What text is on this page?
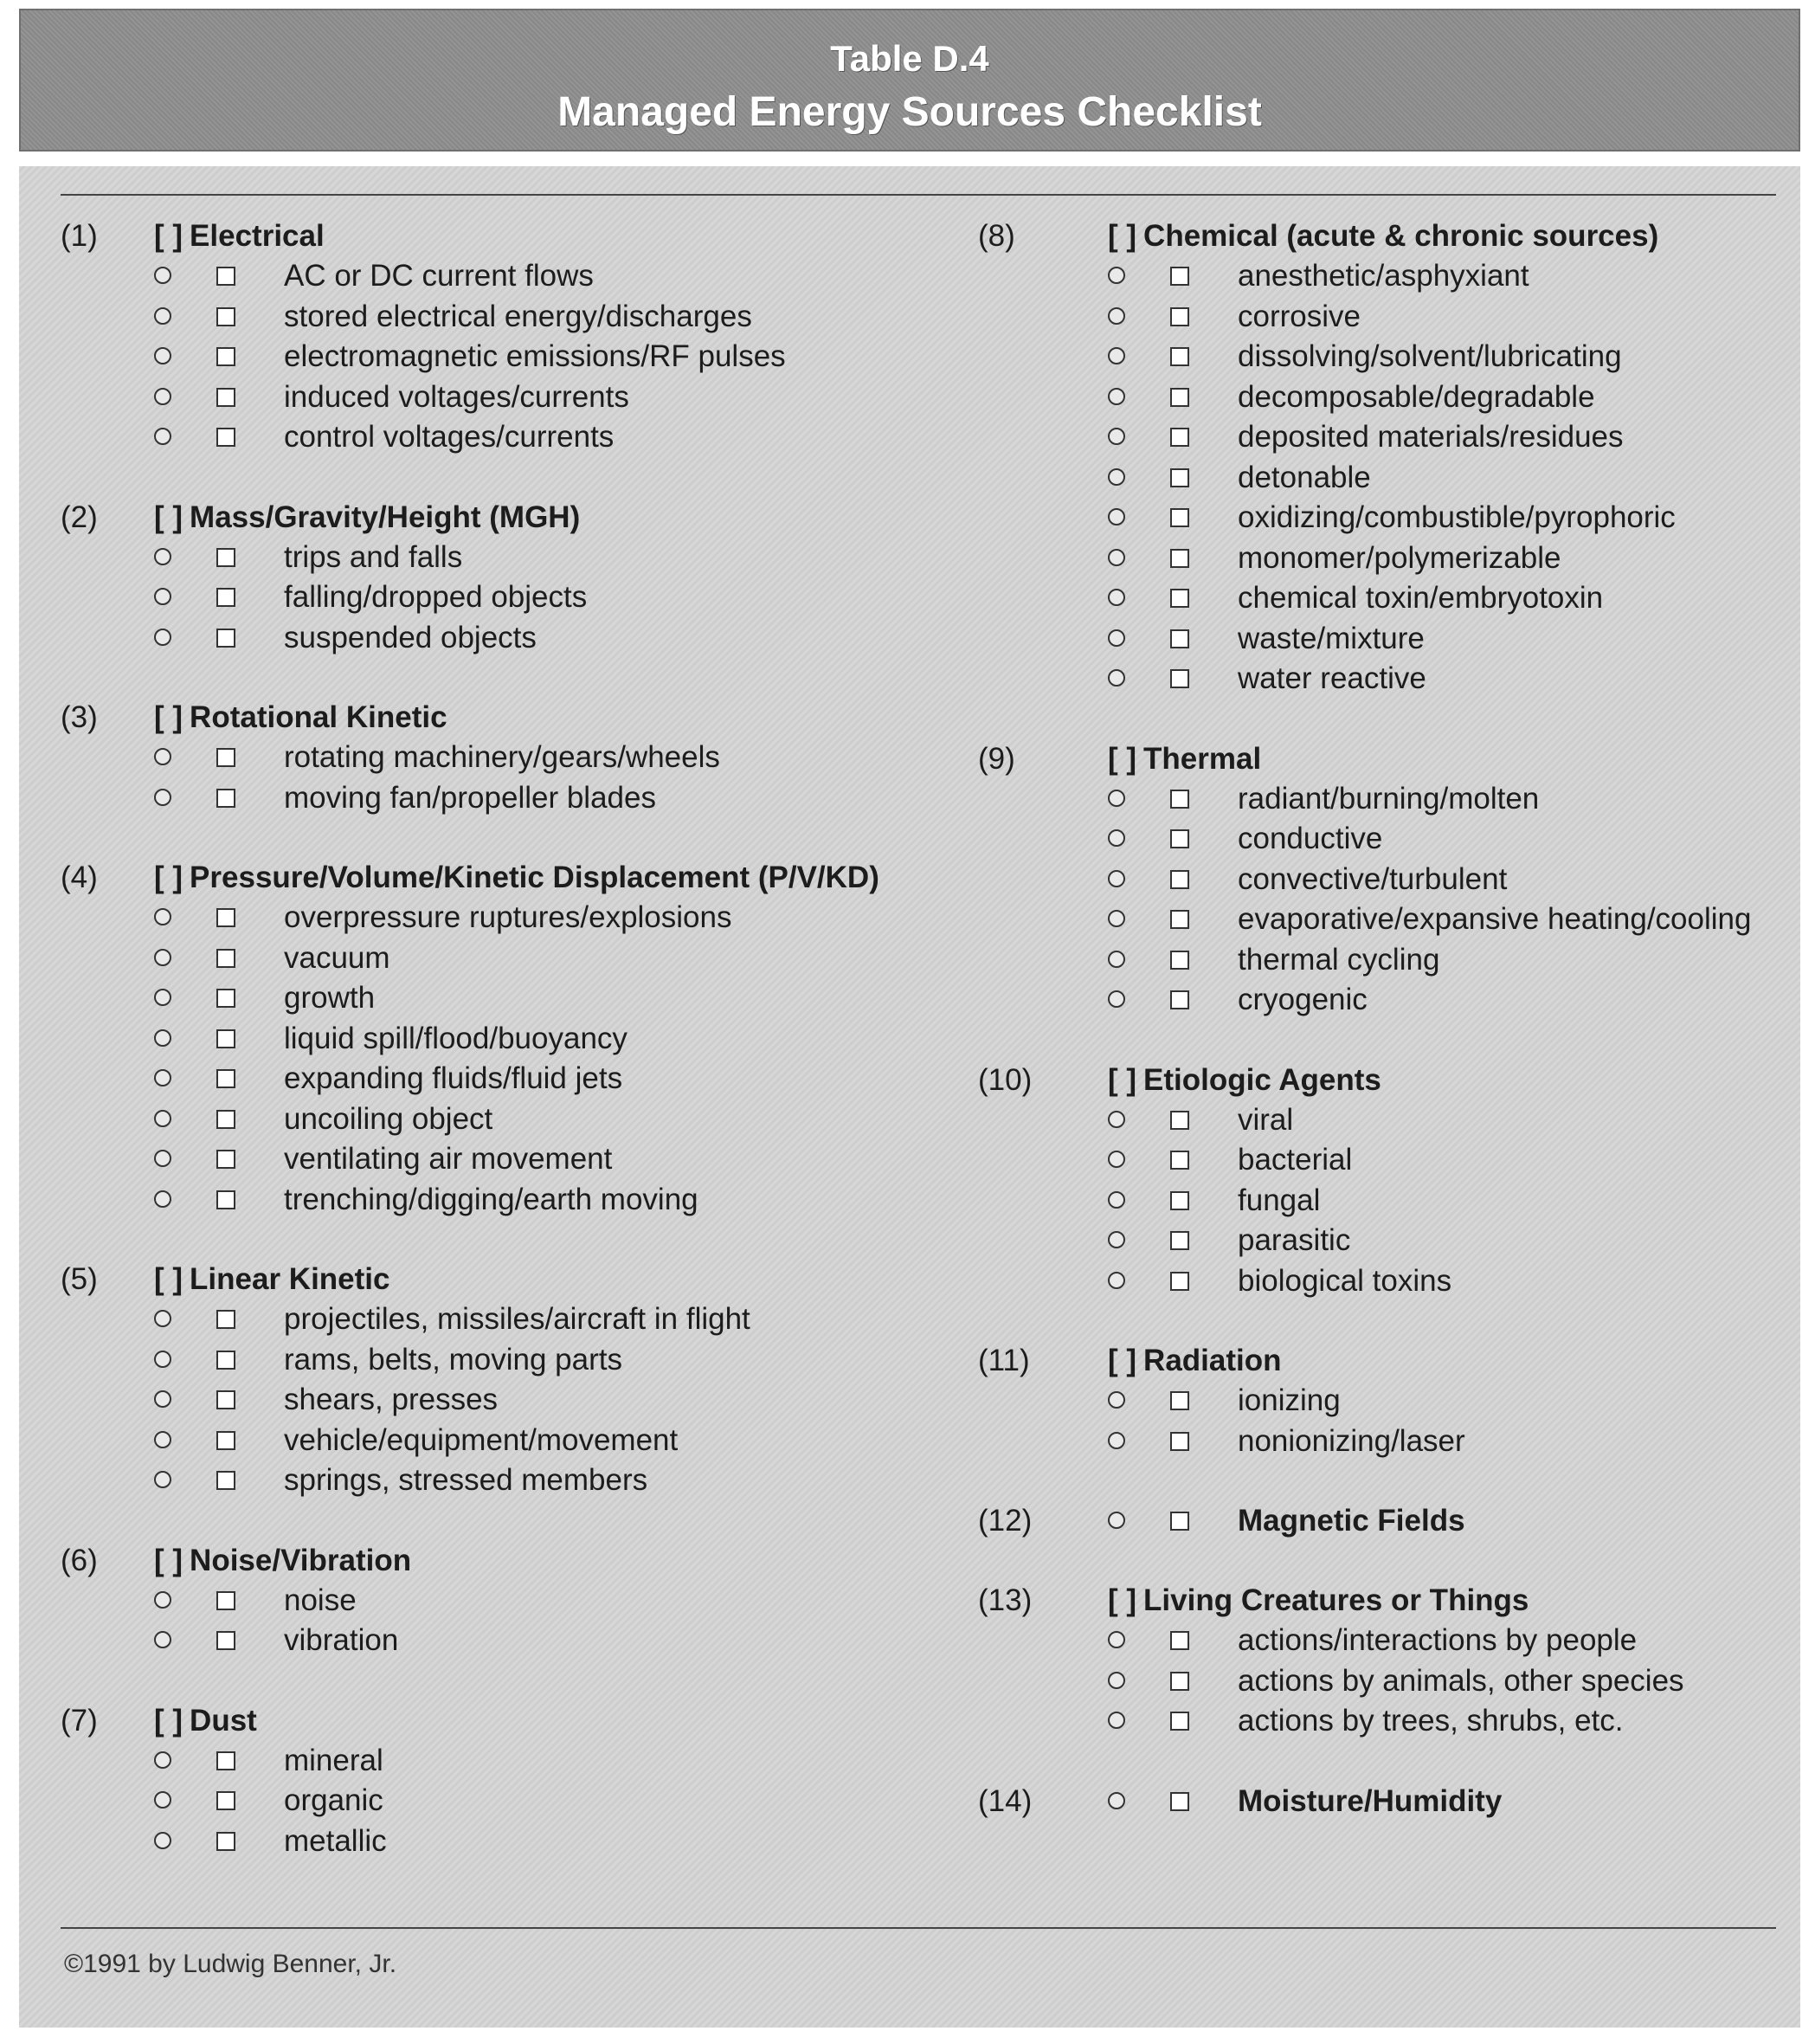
Table D.4
Managed Energy Sources Checklist
(1) [ ] Electrical
AC or DC current flows
stored electrical energy/discharges
electromagnetic emissions/RF pulses
induced voltages/currents
control voltages/currents
(2) [ ] Mass/Gravity/Height (MGH)
trips and falls
falling/dropped objects
suspended objects
(3) [ ] Rotational Kinetic
rotating machinery/gears/wheels
moving fan/propeller blades
(4) [ ] Pressure/Volume/Kinetic Displacement (P/V/KD)
overpressure ruptures/explosions
vacuum
growth
liquid spill/flood/buoyancy
expanding fluids/fluid jets
uncoiling object
ventilating air movement
trenching/digging/earth moving
(5) [ ] Linear Kinetic
projectiles, missiles/aircraft in flight
rams, belts, moving parts
shears, presses
vehicle/equipment/movement
springs, stressed members
(6) [ ] Noise/Vibration
noise
vibration
(7) [ ] Dust
mineral
organic
metallic
(8)	[ ] Chemical (acute & chronic sources)
anesthetic/asphyxiant
corrosive
dissolving/solvent/lubricating
decomposable/degradable
deposited materials/residues
detonable
oxidizing/combustible/pyrophoric
monomer/polymerizable
chemical toxin/embryotoxin
waste/mixture
water reactive
(9)	[ ] Thermal
radiant/burning/molten
conductive
convective/turbulent
evaporative/expansive heating/cooling
thermal cycling
cryogenic
(10)	[ ] Etiologic Agents
viral
bacterial
fungal
parasitic
biological toxins
(11)	[ ] Radiation
ionizing
nonionizing/laser
(12)	Magnetic Fields
(13)	[ ] Living Creatures or Things
actions/interactions by people
actions by animals, other species
actions by trees, shrubs, etc.
(14)	Moisture/Humidity
©1991 by Ludwig Benner, Jr.
